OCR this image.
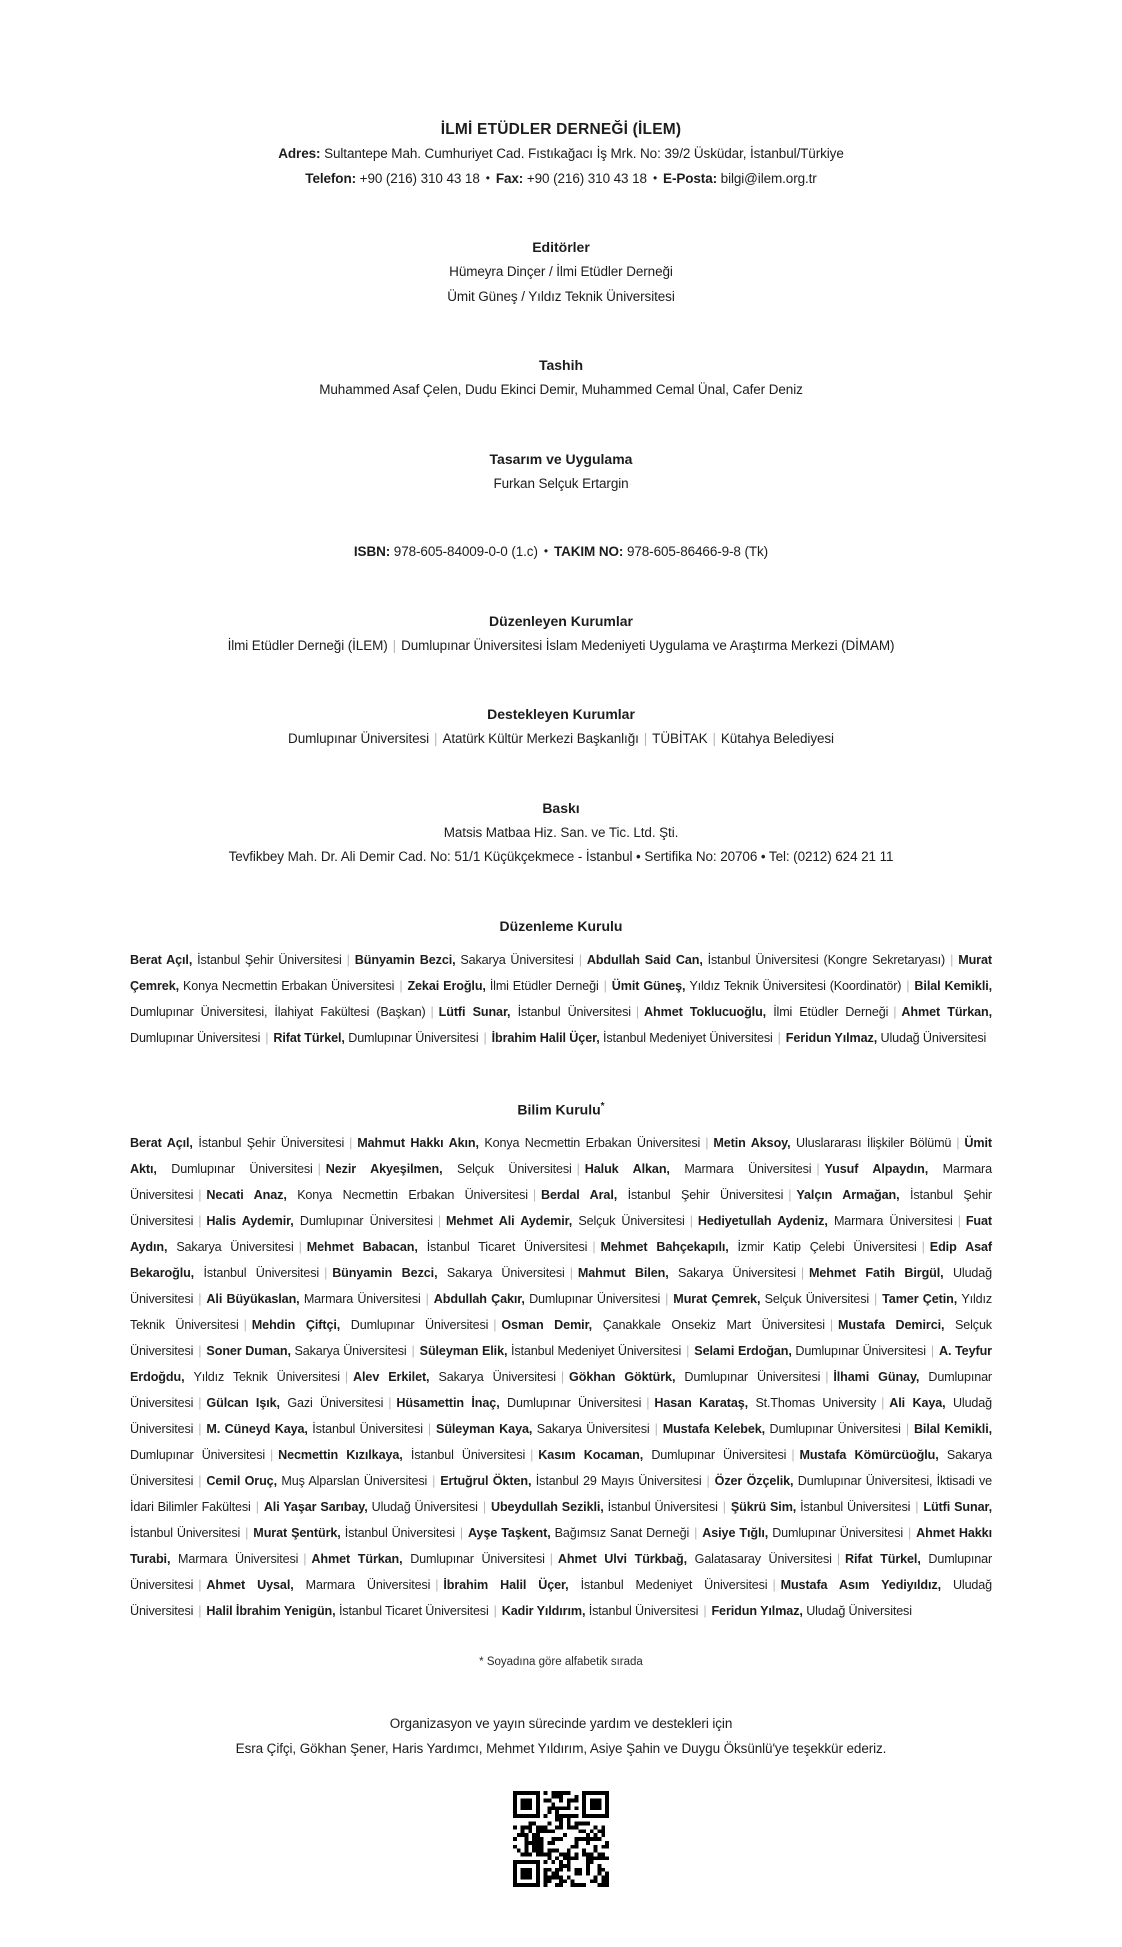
İLMİ ETÜDLER DERNEĞİ (İLEM)
Adres: Sultantepe Mah. Cumhuriyet Cad. Fıstıkağacı İş Mrk. No: 39/2 Üsküdar, İstanbul/Türkiye
Telefon: +90 (216) 310 43 18 • Fax: +90 (216) 310 43 18 • E-Posta: bilgi@ilem.org.tr
Editörler
Hümeyra Dinçer / İlmi Etüdler Derneği
Ümit Güneş / Yıldız Teknik Üniversitesi
Tashih
Muhammed Asaf Çelen, Dudu Ekinci Demir, Muhammed Cemal Ünal, Cafer Deniz
Tasarım ve Uygulama
Furkan Selçuk Ertargin
ISBN: 978-605-84009-0-0 (1.c) • TAKIM NO: 978-605-86466-9-8 (Tk)
Düzenleyen Kurumlar
İlmi Etüdler Derneği (İLEM) | Dumlupınar Üniversitesi İslam Medeniyeti Uygulama ve Araştırma Merkezi (DİMAM)
Destekleyen Kurumlar
Dumlupınar Üniversitesi | Atatürk Kültür Merkezi Başkanlığı | TÜBİTAK | Kütahya Belediyesi
Baskı
Matsis Matbaa Hiz. San. ve Tic. Ltd. Şti.
Tevfikbey Mah. Dr. Ali Demir Cad. No: 51/1 Küçükçekmece - İstanbul • Sertifika No: 20706 • Tel: (0212) 624 21 11
Düzenleme Kurulu

Berat Açıl, İstanbul Şehir Üniversitesi | Bünyamin Bezci, Sakarya Üniversitesi | Abdullah Said Can, İstanbul Üniversitesi (Kongre Sekretaryası) | Murat Çemrek, Konya Necmettin Erbakan Üniversitesi | Zekai Eroğlu, İlmi Etüdler Derneği | Ümit Güneş, Yıldız Teknik Üniversitesi (Koordinatör) | Bilal Kemikli, Dumlupınar Üniversitesi, İlahiyat Fakültesi (Başkan) | Lütfi Sunar, İstanbul Üniversitesi | Ahmet Toklucuoğlu, İlmi Etüdler Derneği | Ahmet Türkan, Dumlupınar Üniversitesi | Rifat Türkel, Dumlupınar Üniversitesi | İbrahim Halil Üçer, İstanbul Medeniyet Üniversitesi | Feridun Yılmaz, Uludağ Üniversitesi

Bilim Kurulu*

Berat Açıl, İstanbul Şehir Üniversitesi | Mahmut Hakkı Akın, Konya Necmettin Erbakan Üniversitesi | Metin Aksoy, Uluslararası İlişkiler Bölümü | Ümit Aktı, Dumlupınar Üniversitesi | Nezir Akyeşilmen, Selçuk Üniversitesi | Haluk Alkan, Marmara Üniversitesi | Yusuf Alpaydın, Marmara Üniversitesi | Necati Anaz, Konya Necmettin Erbakan Üniversitesi | Berdal Aral, İstanbul Şehir Üniversitesi | Yalçın Armağan, İstanbul Şehir Üniversitesi | Halis Aydemir, Dumlupınar Üniversitesi | Mehmet Ali Aydemir, Selçuk Üniversitesi | Hediyetullah Aydeniz, Marmara Üniversitesi | Fuat Aydın, Sakarya Üniversitesi | Mehmet Babacan, İstanbul Ticaret Üniversitesi | Mehmet Bahçekapılı, İzmir Katip Çelebi Üniversitesi | Edip Asaf Bekaroğlu, İstanbul Üniversitesi | Bünyamin Bezci, Sakarya Üniversitesi | Mahmut Bilen, Sakarya Üniversitesi | Mehmet Fatih Birgül, Uludağ Üniversitesi | Ali Büyükaslan, Marmara Üniversitesi | Abdullah Çakır, Dumlupınar Üniversitesi | Murat Çemrek, Selçuk Üniversitesi | Tamer Çetin, Yıldız Teknik Üniversitesi | Mehdin Çiftçi, Dumlupınar Üniversitesi | Osman Demir, Çanakkale Onsekiz Mart Üniversitesi | Mustafa Demirci, Selçuk Üniversitesi | Soner Duman, Sakarya Üniversitesi | Süleyman Elik, İstanbul Medeniyet Üniversitesi | Selami Erdoğan, Dumlupınar Üniversitesi | A. Teyfur Erdoğdu, Yıldız Teknik Üniversitesi | Alev Erkilet, Sakarya Üniversitesi | Gökhan Göktürk, Dumlupınar Üniversitesi | İlhami Günay, Dumlupınar Üniversitesi | Gülcan Işık, Gazi Üniversitesi | Hüsamettin İnaç, Dumlupınar Üniversitesi | Hasan Karataş, St.Thomas University | Ali Kaya, Uludağ Üniversitesi | M. Cüneyd Kaya, İstanbul Üniversitesi | Süleyman Kaya, Sakarya Üniversitesi | Mustafa Kelebek, Dumlupınar Üniversitesi | Bilal Kemikli, Dumlupınar Üniversitesi | Necmettin Kızılkaya, İstanbul Üniversitesi | Kasım Kocaman, Dumlupınar Üniversitesi | Mustafa Kömürcüoğlu, Sakarya Üniversitesi | Cemil Oruç, Muş Alparslan Üniversitesi | Ertuğrul Ökten, İstanbul 29 Mayıs Üniversitesi | Özer Özçelik, Dumlupınar Üniversitesi, İktisadi ve İdari Bilimler Fakültesi | Ali Yaşar Sarıbay, Uludağ Üniversitesi | Ubeydullah Sezikli, İstanbul Üniversitesi | Şükrü Sim, İstanbul Üniversitesi | Lütfi Sunar, İstanbul Üniversitesi | Murat Şentürk, İstanbul Üniversitesi | Ayşe Taşkent, Bağımsız Sanat Derneği | Asiye Tığlı, Dumlupınar Üniversitesi | Ahmet Hakkı Turabi, Marmara Üniversitesi | Ahmet Türkan, Dumlupınar Üniversitesi | Ahmet Ulvi Türkbağ, Galatasaray Üniversitesi | Rifat Türkel, Dumlupınar Üniversitesi | Ahmet Uysal, Marmara Üniversitesi | İbrahim Halil Üçer, İstanbul Medeniyet Üniversitesi | Mustafa Asım Yediyıldız, Uludağ Üniversitesi | Halil İbrahim Yenigün, İstanbul Ticaret Üniversitesi | Kadir Yıldırım, İstanbul Üniversitesi | Feridun Yılmaz, Uludağ Üniversitesi

* Soyadına göre alfabetik sırada
Organizasyon ve yayın sürecinde yardım ve destekleri için
Esra Çifçi, Gökhan Şener, Haris Yardımcı, Mehmet Yıldırım, Asiye Şahin ve Duygu Öksünlü'ye teşekkür ederiz.
